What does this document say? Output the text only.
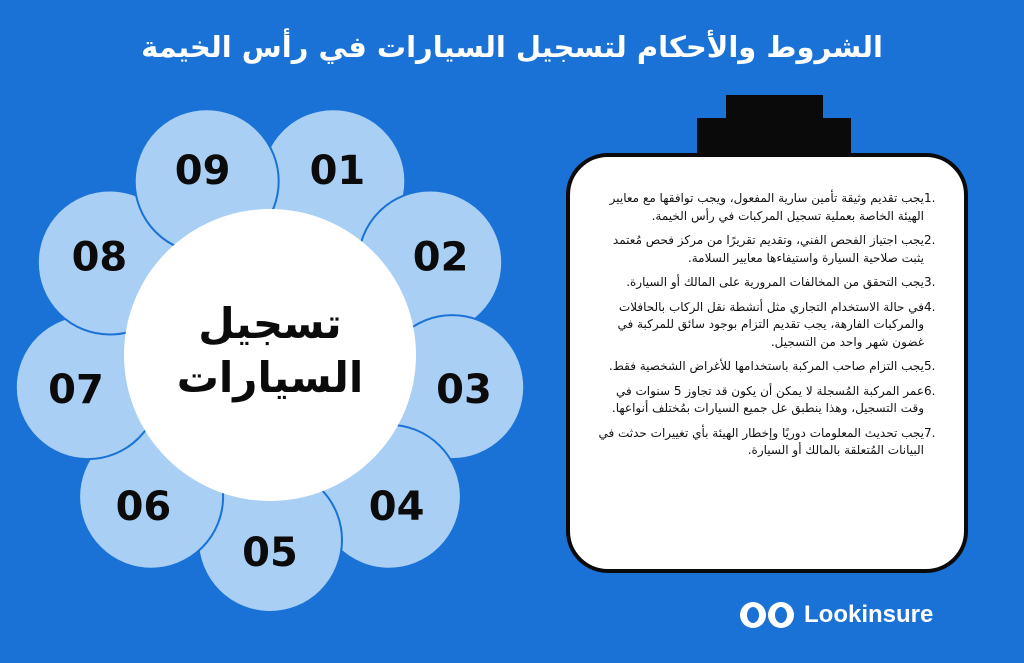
الشروط والأحكام لتسجيل السيارات في رأس الخيمة
01
02
03
04
05
06
07
08
09
تسجيل
السيارات
1.
يجب تقديم وثيقة تأمين سارية المفعول، ويجب توافقها مع معايير الهيئة الخاصة بعملية تسجيل المركبات في رأس الخيمة.
2.
يجب اجتياز الفحص الفني، وتقديم تقريرًا من مركز فحص مُعتمد يثبت صلاحية السيارة واستيفاءها معايير السلامة.
3.
يجب التحقق من المخالفات المرورية على المالك أو السيارة.
4.
في حالة الاستخدام التجاري مثل أنشطة نقل الركاب بالحافلات والمركبات الفارهة، يجب تقديم التزام بوجود سائق للمركبة في غضون شهر واحد من التسجيل.
5.
يجب التزام صاحب المركبة باستخدامها للأغراض الشخصية فقط.
6.
عمر المركبة المُسجلة لا يمكن أن يكون قد تجاوز 5 سنوات في وقت التسجيل، وهذا ينطبق عل جميع السيارات بمُختلف أنواعها.
7.
يجب تحديث المعلومات دوريًا وإخطار الهيئة بأي تغييرات حدثت في البيانات المُتعلقة بالمالك أو السيارة.
Lookinsure
